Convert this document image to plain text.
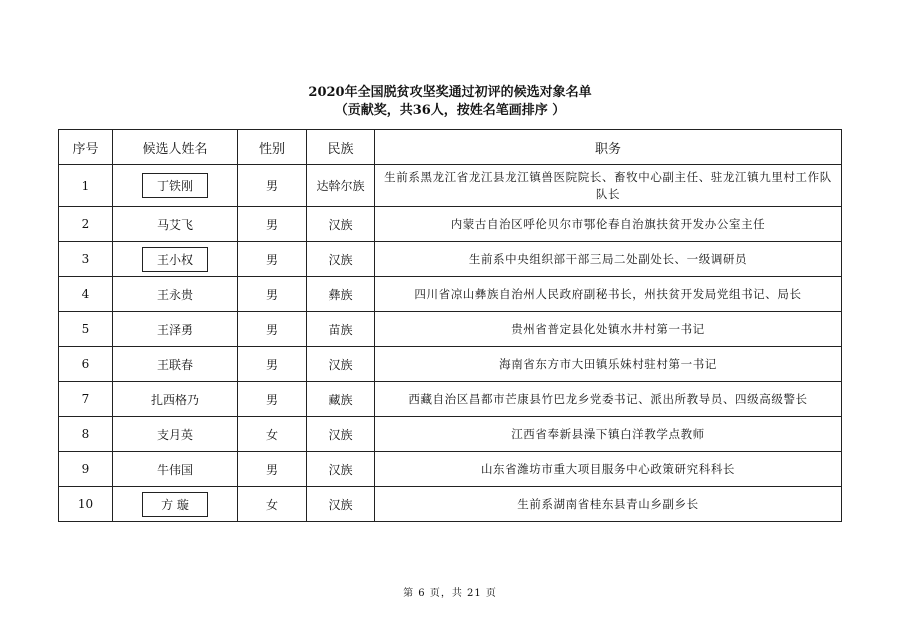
2020年全国脱贫攻坚奖通过初评的候选对象名单
（贡献奖，共36人，按姓名笔画排序 ）
序号	候选人姓名	性别	民族	职务
1	丁铁刚	男	达斡尔族	生前系黑龙江省龙江县龙江镇兽医院院长、畜牧中心副主任、驻龙江镇九里村工作队队长
2	马艾飞	男	汉族	内蒙古自治区呼伦贝尔市鄂伦春自治旗扶贫开发办公室主任
3	王小权	男	汉族	生前系中央组织部干部三局二处副处长、一级调研员
4	王永贵	男	彝族	四川省凉山彝族自治州人民政府副秘书长，州扶贫开发局党组书记、局长
5	王泽勇	男	苗族	贵州省普定县化处镇水井村第一书记
6	王联春	男	汉族	海南省东方市大田镇乐妹村驻村第一书记
7	扎西格乃	男	藏族	西藏自治区昌都市芒康县竹巴龙乡党委书记、派出所教导员、四级高级警长
8	支月英	女	汉族	江西省奉新县澡下镇白洋教学点教师
9	牛伟国	男	汉族	山东省潍坊市重大项目服务中心政策研究科科长
10	方 璇	女	汉族	生前系湖南省桂东县青山乡副乡长
第 6 页，共 21 页
